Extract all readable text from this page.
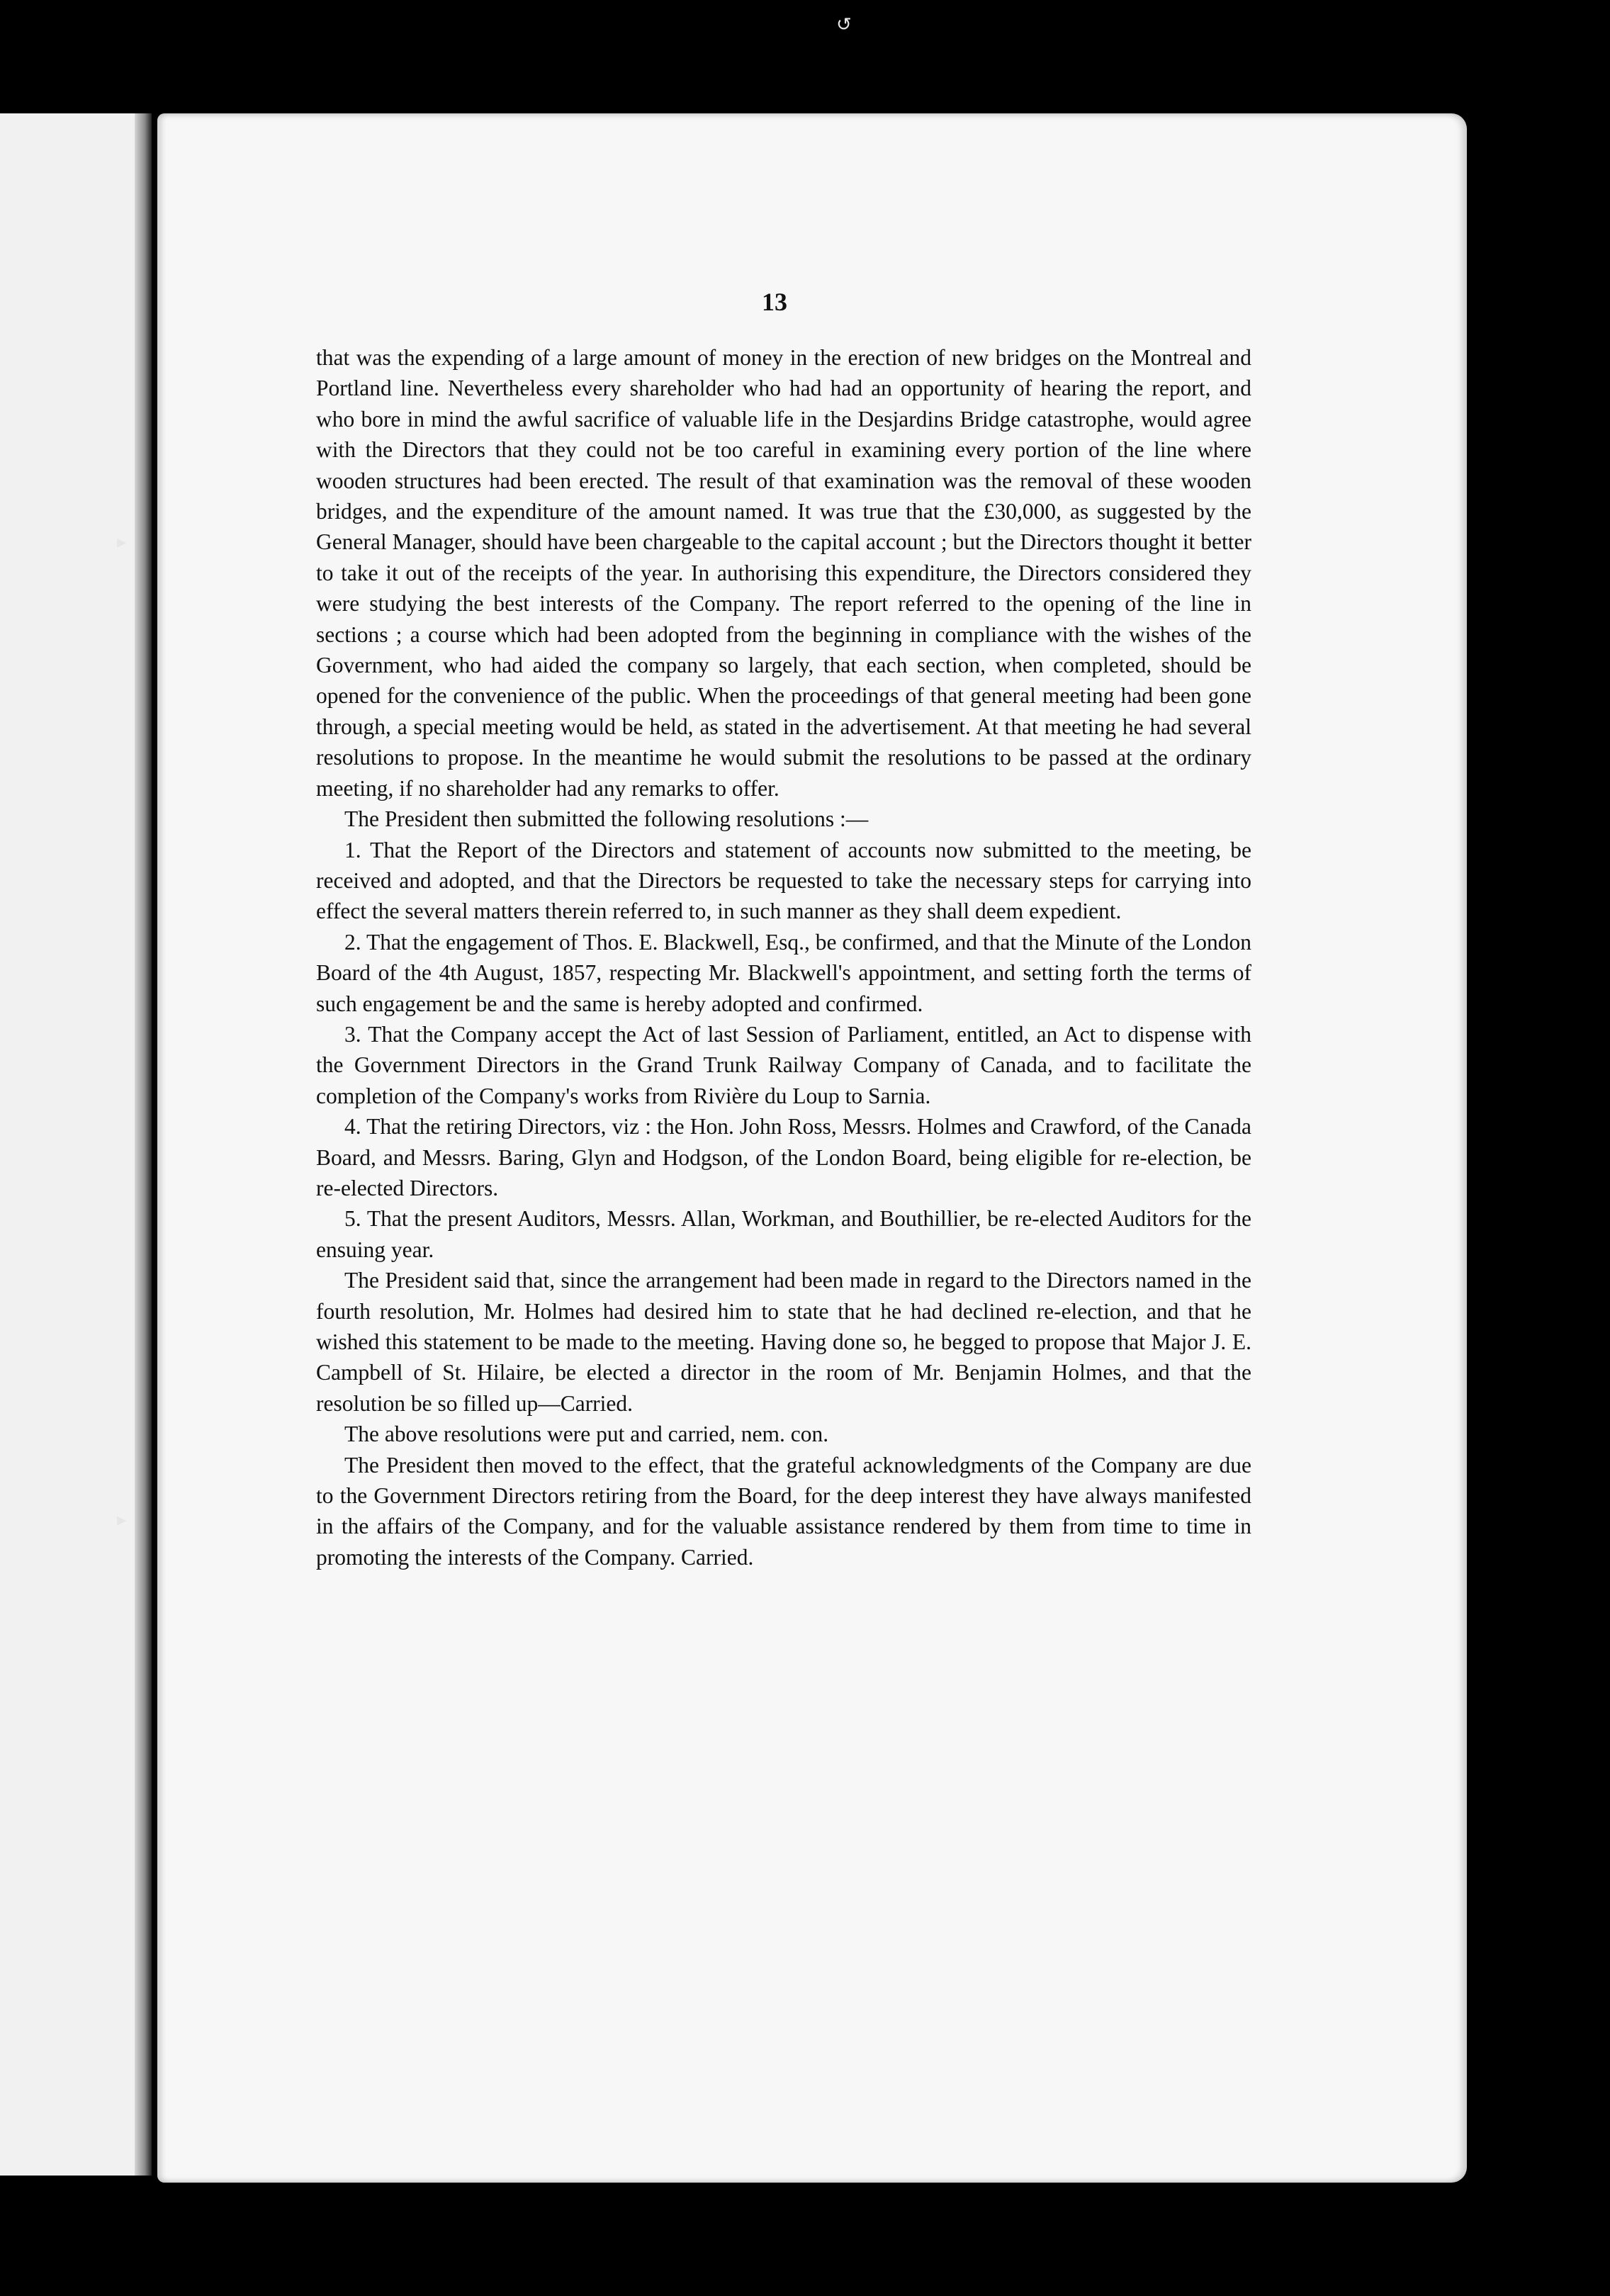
↺
▸
▸
13

that was the expending of a large amount of money in the erection of new bridges on the Montreal and Portland line. Nevertheless every shareholder who had had an opportunity of hearing the report, and who bore in mind the awful sacrifice of valuable life in the Desjardins Bridge catastrophe, would agree with the Directors that they could not be too careful in examining every portion of the line where wooden structures had been erected. The result of that examination was the removal of these wooden bridges, and the expenditure of the amount named. It was true that the £30,000, as suggested by the General Manager, should have been chargeable to the capital account ; but the Directors thought it better to take it out of the receipts of the year. In authorising this expenditure, the Directors considered they were studying the best interests of the Company. The report referred to the opening of the line in sections ; a course which had been adopted from the beginning in compliance with the wishes of the Government, who had aided the company so largely, that each section, when completed, should be opened for the convenience of the public. When the proceedings of that general meeting had been gone through, a special meeting would be held, as stated in the advertisement. At that meeting he had several resolutions to propose. In the meantime he would submit the resolutions to be passed at the ordinary meeting, if no shareholder had any remarks to offer.

The President then submitted the following resolutions :—

1. That the Report of the Directors and statement of accounts now submitted to the meeting, be received and adopted, and that the Directors be requested to take the necessary steps for carrying into effect the several matters therein referred to, in such manner as they shall deem expedient.

2. That the engagement of Thos. E. Blackwell, Esq., be confirmed, and that the Minute of the London Board of the 4th August, 1857, respecting Mr. Blackwell's appointment, and setting forth the terms of such engagement be and the same is hereby adopted and confirmed.

3. That the Company accept the Act of last Session of Parliament, entitled, an Act to dispense with the Government Directors in the Grand Trunk Railway Company of Canada, and to facilitate the completion of the Company's works from Rivière du Loup to Sarnia.

4. That the retiring Directors, viz : the Hon. John Ross, Messrs. Holmes and Crawford, of the Canada Board, and Messrs. Baring, Glyn and Hodgson, of the London Board, being eligible for re-election, be re-elected Directors.

5. That the present Auditors, Messrs. Allan, Workman, and Bouthillier, be re-elected Auditors for the ensuing year.

The President said that, since the arrangement had been made in regard to the Directors named in the fourth resolution, Mr. Holmes had desired him to state that he had declined re-election, and that he wished this statement to be made to the meeting. Having done so, he begged to propose that Major J. E. Campbell of St. Hilaire, be elected a director in the room of Mr. Benjamin Holmes, and that the resolution be so filled up—Carried.

The above resolutions were put and carried, nem. con.

The President then moved to the effect, that the grateful acknowledgments of the Company are due to the Government Directors retiring from the Board, for the deep interest they have always manifested in the affairs of the Company, and for the valuable assistance rendered by them from time to time in promoting the interests of the Company. Carried.
